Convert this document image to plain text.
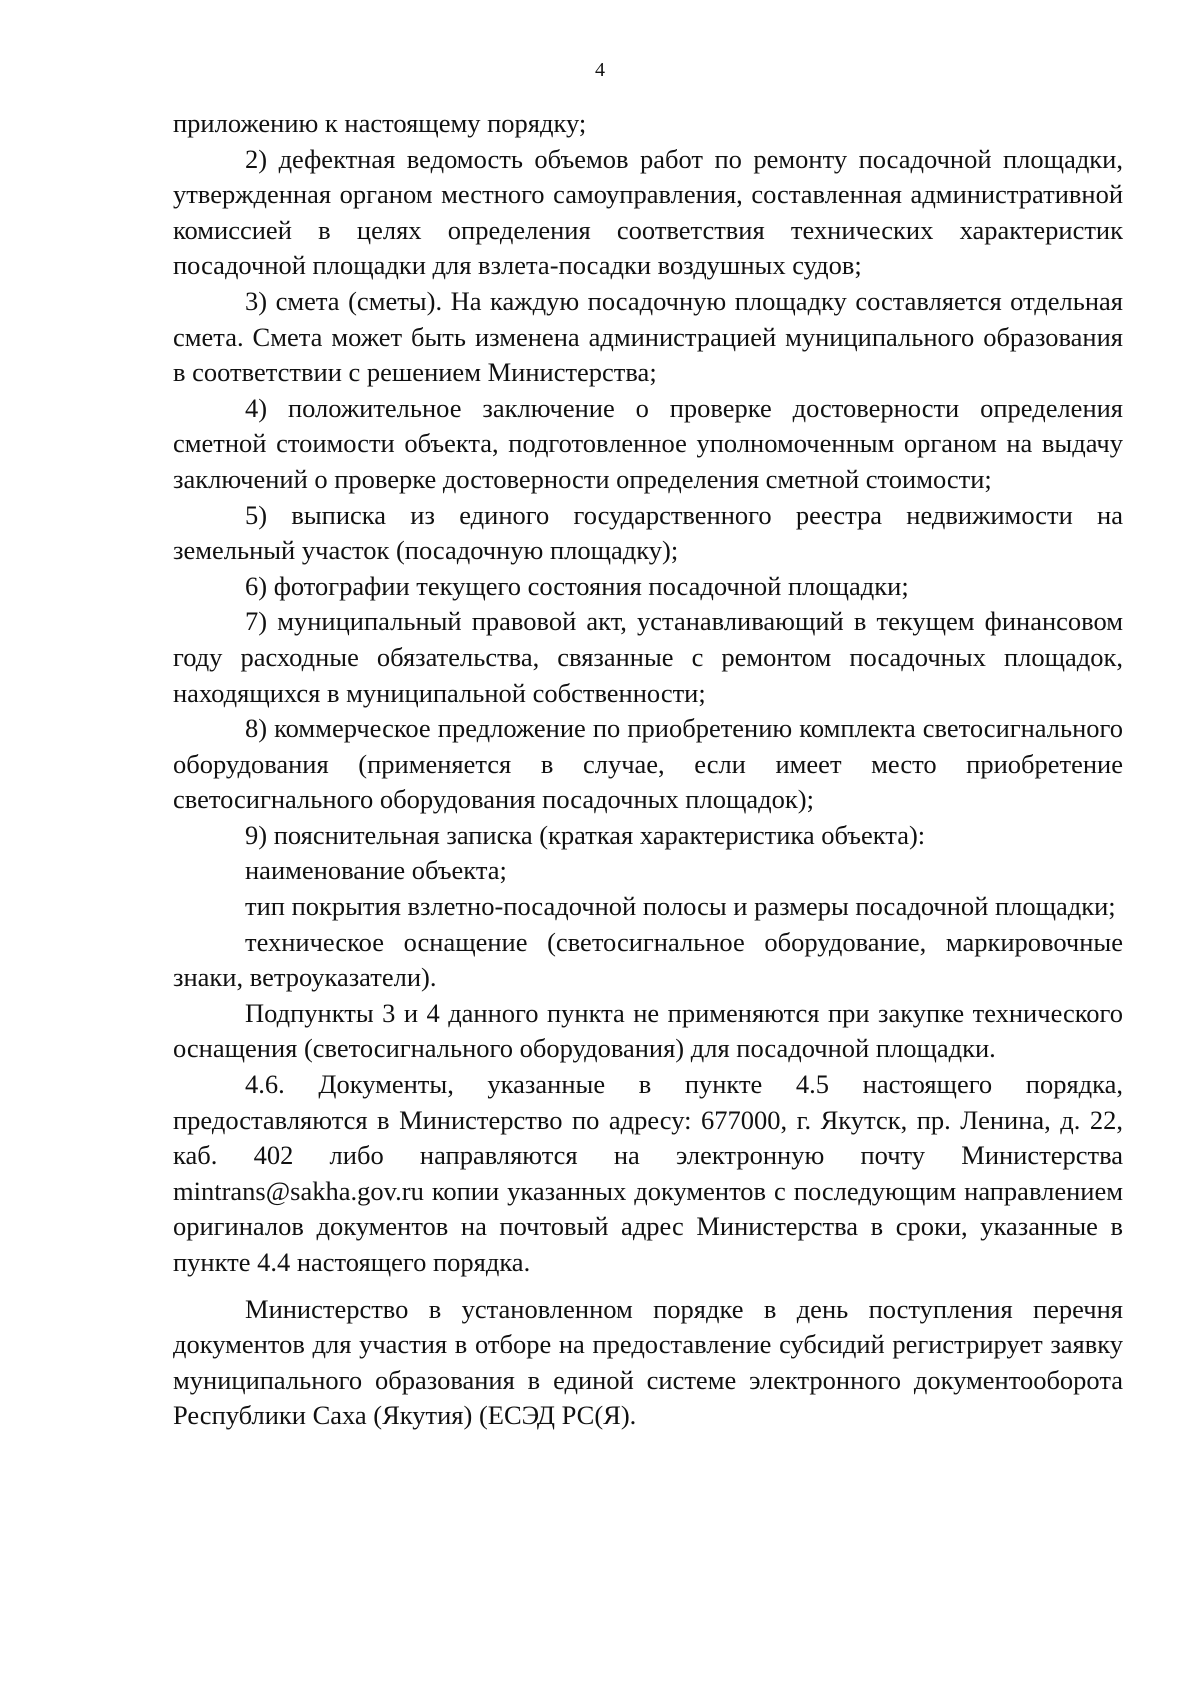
4

приложению к настоящему порядку;

2) дефектная ведомость объемов работ по ремонту посадочной площадки, утвержденная органом местного самоуправления, составленная административной комиссией в целях определения соответствия технических характеристик посадочной площадки для взлета-посадки воздушных судов;

3) смета (сметы). На каждую посадочную площадку составляется отдельная смета. Смета может быть изменена администрацией муниципального образования в соответствии с решением Министерства;

4) положительное заключение о проверке достоверности определения сметной стоимости объекта, подготовленное уполномоченным органом на выдачу заключений о проверке достоверности определения сметной стоимости;

5) выписка из единого государственного реестра недвижимости на земельный участок (посадочную площадку);

6) фотографии текущего состояния посадочной площадки;

7) муниципальный правовой акт, устанавливающий в текущем финансовом году расходные обязательства, связанные с ремонтом посадочных площадок, находящихся в муниципальной собственности;

8) коммерческое предложение по приобретению комплекта светосигнального оборудования (применяется в случае, если имеет место приобретение светосигнального оборудования посадочных площадок);

9) пояснительная записка (краткая характеристика объекта):

наименование объекта;

тип покрытия взлетно-посадочной полосы и размеры посадочной площадки;

техническое оснащение (светосигнальное оборудование, маркировочные знаки, ветроуказатели).

Подпункты 3 и 4 данного пункта не применяются при закупке технического оснащения (светосигнального оборудования) для посадочной площадки.

4.6. Документы, указанные в пункте 4.5 настоящего порядка, предоставляются в Министерство по адресу: 677000, г. Якутск, пр. Ленина, д. 22, каб. 402 либо направляются на электронную почту Министерства mintrans@sakha.gov.ru копии указанных документов с последующим направлением оригиналов документов на почтовый адрес Министерства в сроки, указанные в пункте 4.4 настоящего порядка.

Министерство в установленном порядке в день поступления перечня документов для участия в отборе на предоставление субсидий регистрирует заявку муниципального образования в единой системе электронного документооборота Республики Саха (Якутия) (ЕСЭД РС(Я).
